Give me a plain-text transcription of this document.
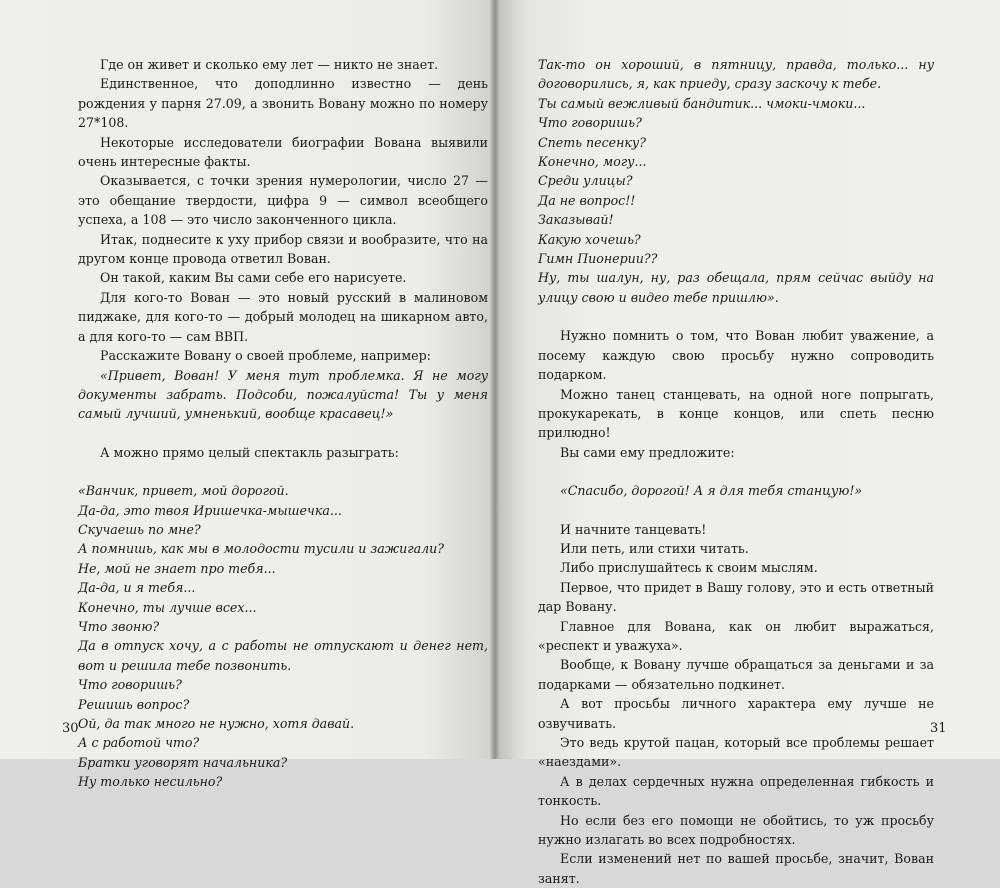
Где он живет и сколько ему лет — никто не знает.

Единственное, что доподлинно известно — день рождения у парня 27.09, а звонить Вовану можно по номеру 27*108.

Некоторые исследователи биографии Вована выявили очень интересные факты.

Оказывается, с точки зрения нумерологии, число 27 — это обещание твердости, цифра 9 — символ всеобщего успеха, а 108 — это число законченного цикла.

Итак, поднесите к уху прибор связи и вообразите, что на другом конце провода ответил Вован.

Он такой, каким Вы сами себе его нарисуете.

Для кого-то Вован — это новый русский в малиновом пиджаке, для кого-то — добрый молодец на шикарном авто, а для кого-то — сам ВВП.

Расскажите Вовану о своей проблеме, например:

«Привет, Вован! У меня тут проблемка. Я не могу документы забрать. Подсоби, пожалуйста! Ты у меня самый лучший, умненький, вообще красавец!»

А можно прямо целый спектакль разыграть:

«Ванчик, привет, мой дорогой.

Да-да, это твоя Иришечка-мышечка...

Скучаешь по мне?

А помнишь, как мы в молодости тусили и зажигали?

Не, мой не знает про тебя...

Да-да, и я тебя...

Конечно, ты лучше всех...

Что звоню?

Да в отпуск хочу, а с работы не отпускают и денег нет, вот и решила тебе позвонить.

Что говоришь?

Решишь вопрос?

Ой, да так много не нужно, хотя давай.

А с работой что?

Братки уговорят начальника?

Ну только несильно?

30

Так-то он хороший, в пятницу, правда, только... ну договорились, я, как приеду, сразу заскочу к тебе.

Ты самый вежливый бандитик... чмоки-чмоки...

Что говоришь?

Спеть песенку?

Конечно, могу...

Среди улицы?

Да не вопрос!!

Заказывай!

Какую хочешь?

Гимн Пионерии??

Ну, ты шалун, ну, раз обещала, прям сейчас выйду на улицу свою и видео тебе пришлю».

Нужно помнить о том, что Вован любит уважение, а посему каждую свою просьбу нужно сопроводить подарком.

Можно танец станцевать, на одной ноге попрыгать, прокукарекать, в конце концов, или спеть песню прилюдно!

Вы сами ему предложите:

«Спасибо, дорогой! А я для тебя станцую!»

И начните танцевать!

Или петь, или стихи читать.

Либо прислушайтесь к своим мыслям.

Первое, что придет в Вашу голову, это и есть ответный дар Вовану.

Главное для Вована, как он любит выражаться, «респект и уважуха».

Вообще, к Вовану лучше обращаться за деньгами и за подарками — обязательно подкинет.

А вот просьбы личного характера ему лучше не озвучивать.

Это ведь крутой пацан, который все проблемы решает «наездами».

А в делах сердечных нужна определенная гибкость и тонкость.

Но если без его помощи не обойтись, то уж просьбу нужно излагать во всех подробностях.

Если изменений нет по вашей просьбе, значит, Вован занят.

31
